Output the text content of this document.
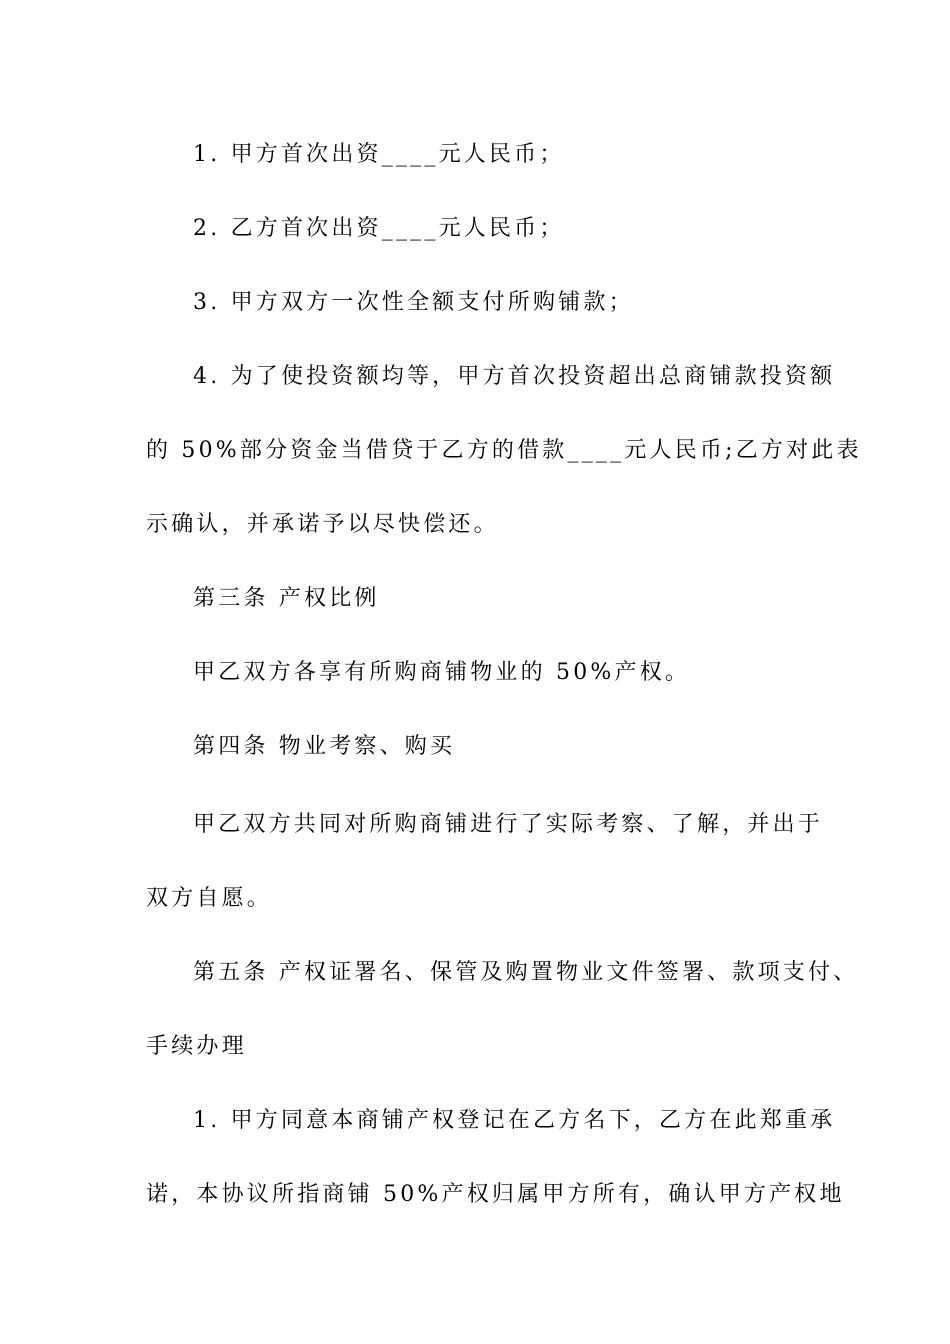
1. 甲方首次出资____元人民币；
2. 乙方首次出资____元人民币；
3. 甲方双方一次性全额支付所购铺款；
4. 为了使投资额均等，甲方首次投资超出总商铺款投资额
的 50%部分资金当借贷于乙方的借款____元人民币;乙方对此表
示确认，并承诺予以尽快偿还。
第三条 产权比例
甲乙双方各享有所购商铺物业的 50%产权。
第四条 物业考察、购买
甲乙双方共同对所购商铺进行了实际考察、了解，并出于
双方自愿。
第五条 产权证署名、保管及购置物业文件签署、款项支付、
手续办理
1. 甲方同意本商铺产权登记在乙方名下，乙方在此郑重承
诺，本协议所指商铺 50%产权归属甲方所有，确认甲方产权地
